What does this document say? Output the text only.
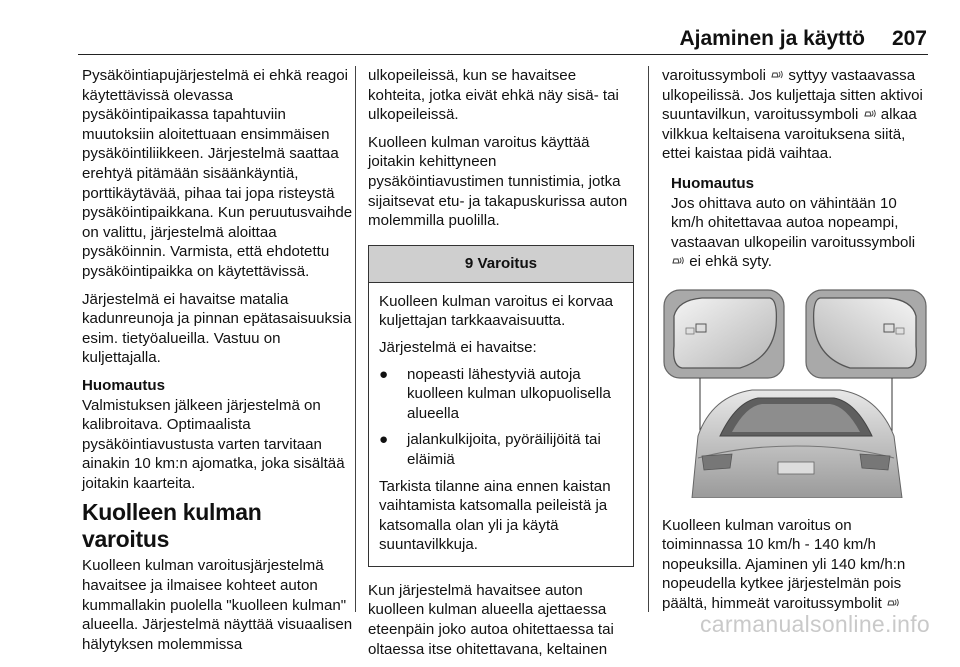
Ajaminen ja käyttö 207

Pysäköintiapujärjestelmä ei ehkä reagoi käytettävissä olevassa pysäköintipaikassa tapahtuviin muutoksiin aloitettuaan ensimmäisen pysäköintiliikkeen. Järjestelmä saattaa erehtyä pitämään sisäänkäyntiä, porttikäytävää, pihaa tai jopa risteystä pysäköintipaikkana. Kun peruutusvaihde on valittu, järjestelmä aloittaa pysäköinnin. Varmista, että ehdotettu pysäköintipaikka on käytettävissä.

Järjestelmä ei havaitse matalia kadunreunoja ja pinnan epätasaisuuksia esim. tietyöalueilla. Vastuu on kuljettajalla.

Huomautus
Valmistuksen jälkeen järjestelmä on kalibroitava. Optimaalista pysäköintiavustusta varten tarvitaan ainakin 10 km:n ajomatka, joka sisältää joitakin kaarteita.
Kuolleen kulman varoitus

Kuolleen kulman varoitusjärjestelmä havaitsee ja ilmaisee kohteet auton kummallakin puolella "kuolleen kulman" alueella. Järjestelmä näyttää visuaalisen hälytyksen molemmissa

ulkopeileissä, kun se havaitsee kohteita, jotka eivät ehkä näy sisä- tai ulkopeileissä.

Kuolleen kulman varoitus käyttää joitakin kehittyneen pysäköintiavustimen tunnistimia, jotka sijaitsevat etu- ja takapuskurissa auton molemmilla puolilla.

9 Varoitus

Kuolleen kulman varoitus ei korvaa kuljettajan tarkkaavaisuutta.

Järjestelmä ei havaitse:

● nopeasti lähestyviä autoja kuolleen kulman ulkopuolisella alueella
● jalankulkijoita, pyöräilijöitä tai eläimiä

Tarkista tilanne aina ennen kaistan vaihtamista katsomalla peileistä ja katsomalla olan yli ja käytä suuntavilkkuja.

Kun järjestelmä havaitsee auton kuolleen kulman alueella ajettaessa eteenpäin joko autoa ohitettaessa tai oltaessa itse ohitettavana, keltainen

varoitussymboli syttyy vastaavassa ulkopeilissä. Jos kuljettaja sitten aktivoi suuntavilkun, varoitussymboli alkaa vilkkua keltaisena varoituksena siitä, ettei kaistaa pidä vaihtaa.

Huomautus
Jos ohittava auto on vähintään 10 km/h ohitettavaa autoa nopeampi, vastaavan ulkopeilin varoitussymboli  ei ehkä syty.

Kuolleen kulman varoitus on toiminnassa 10 km/h - 140 km/h nopeuksilla. Ajaminen yli 140 km/h:n nopeudella kytkee järjestelmän pois päältä, himmeät varoitussymbolit

carmanualsonline.info
